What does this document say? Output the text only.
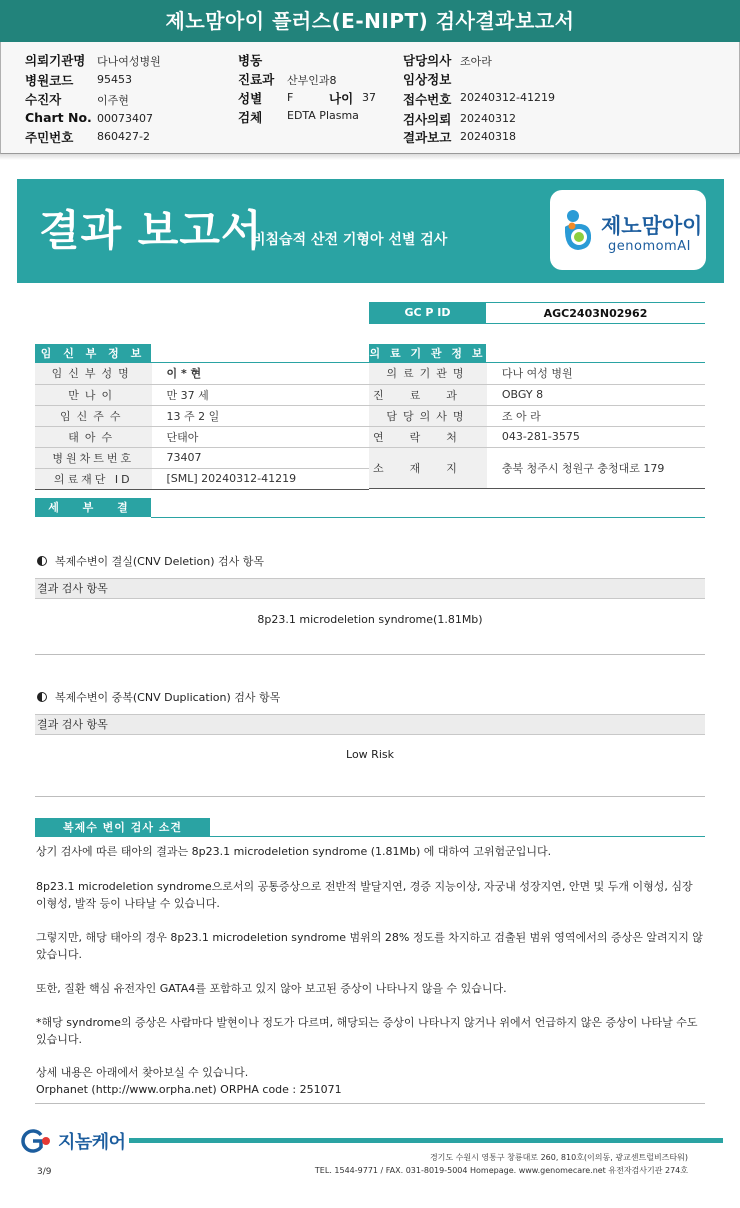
제노맘아이 플러스(E-NIPT) 검사결과보고서
의뢰기관명 다나여성병원
병원코드 95453
수진자	이주현
Chart No. 00073407
주민번호 860427-2
병동
진료과 산부인과8
성별 F	나이 37
검체 EDTA Plasma
담당의사 조아라
임상정보
접수번호 20240312-41219
검사의뢰 20240312
결과보고 20240318
결과 보고서
비침습적 산전 기형아 선별 검사
제노맘아이
genomomAI
GC P ID	AGC2403N02962
임 신 부 정 보
임신부성명	이 * 현
만나이	만 37 세
임신주수	13 주 2 일
태아수	단태아
병원차트번호	73407
의료재단 ID	[SML] 20240312-41219
의 료 기 관 정 보
의료기관명	다나 여성 병원
진료과	OBGY 8
담당의사명	조 아 라
연락처	043-281-3575
소재지	충북 청주시 청원구 충청대로 179
세 부 결 과
복제수변이 결실(CNV Deletion) 검사 항목
결과 검사 항목
8p23.1 microdeletion syndrome(1.81Mb)
복제수변이 중복(CNV Duplication) 검사 항목
결과 검사 항목
Low Risk
복제수 변이 검사 소견
상기 검사에 따른 태아의 결과는 8p23.1 microdeletion syndrome (1.81Mb) 에 대하여 고위험군입니다.
8p23.1 microdeletion syndrome으로서의 공통증상으로 전반적 발달지연, 경증 지능이상, 자궁내 성장지연, 안면 및 두개 이형성, 심장 이형성, 발작 등이 나타날 수 있습니다.
그렇지만, 해당 태아의 경우 8p23.1 microdeletion syndrome 범위의 28% 정도를 차지하고 검출된 범위 영역에서의 증상은 알려지지 않았습니다.
또한, 질환 핵심 유전자인 GATA4를 포함하고 있지 않아 보고된 증상이 나타나지 않을 수 있습니다.
*해당 syndrome의 증상은 사람마다 발현이나 정도가 다르며, 해당되는 증상이 나타나지 않거나 위에서 언급하지 않은 증상이 나타날 수도 있습니다.
상세 내용은 아래에서 찾아보실 수 있습니다.
Orphanet (http://www.orpha.net) ORPHA code : 251071
지놈케어
경기도 수원시 영통구 창룡대로 260, 810호(이의동, 광교센트럴비즈타워)
TEL. 1544-9771 / FAX. 031-8019-5004 Homepage. www.genomecare.net 유전자검사기관 274호
3/9
